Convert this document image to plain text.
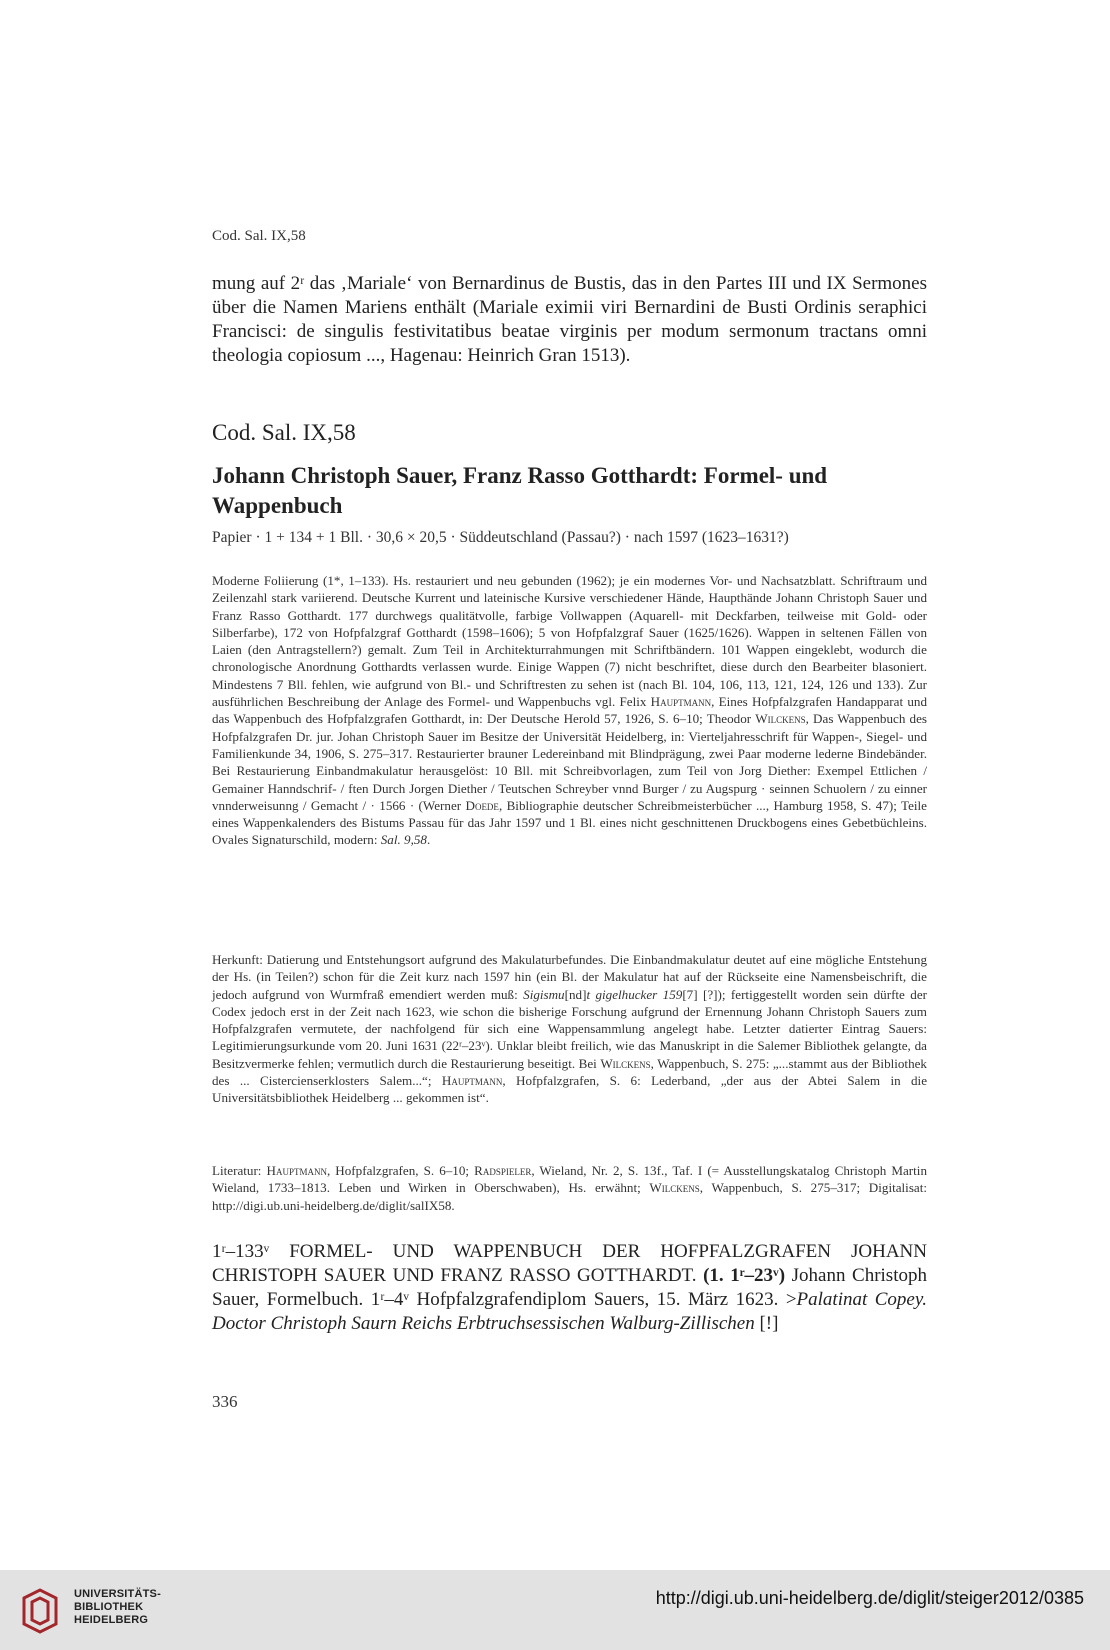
Cod. Sal. IX,58
mung auf 2ʳ das ‚Mariale‘ von Bernardinus de Bustis, das in den Partes III und IX Sermones über die Namen Mariens enthält (Mariale eximii viri Bernardini de Busti Ordinis seraphici Francisci: de singulis festivitatibus beatae virginis per modum sermonum tractans omni theologia copiosum ..., Hagenau: Heinrich Gran 1513).
Cod. Sal. IX,58
Johann Christoph Sauer, Franz Rasso Gotthardt: Formel- und Wappenbuch
Papier · 1 + 134 + 1 Bll. · 30,6 × 20,5 · Süddeutschland (Passau?) · nach 1597 (1623–1631?)
Moderne Foliierung (1*, 1–133). Hs. restauriert und neu gebunden (1962); je ein modernes Vor- und Nachsatzblatt. Schriftraum und Zeilenzahl stark variierend. Deutsche Kurrent und lateinische Kursive verschiedener Hände, Haupthände Johann Christoph Sauer und Franz Rasso Gotthardt. 177 durchwegs qualitätvolle, farbige Vollwappen (Aquarell- mit Deckfarben, teilweise mit Gold- oder Silberfarbe), 172 von Hofpfalzgraf Gotthardt (1598–1606); 5 von Hofpfalzgraf Sauer (1625/1626). Wappen in seltenen Fällen von Laien (den Antragstellern?) gemalt. Zum Teil in Architekturrahmungen mit Schriftbändern. 101 Wappen eingeklebt, wodurch die chronologische Anordnung Gotthardts verlassen wurde. Einige Wappen (7) nicht beschriftet, diese durch den Bearbeiter blasoniert. Mindestens 7 Bll. fehlen, wie aufgrund von Bl.- und Schriftresten zu sehen ist (nach Bl. 104, 106, 113, 121, 124, 126 und 133). Zur ausführlichen Beschreibung der Anlage des Formel- und Wappenbuchs vgl. Felix Hauptmann, Eines Hofpfalzgrafen Handapparat und das Wappenbuch des Hofpfalzgrafen Gotthardt, in: Der Deutsche Herold 57, 1926, S. 6–10; Theodor Wilckens, Das Wappenbuch des Hofpfalzgrafen Dr. jur. Johan Christoph Sauer im Besitze der Universität Heidelberg, in: Vierteljahresschrift für Wappen-, Siegel- und Familienkunde 34, 1906, S. 275–317. Restaurierter brauner Ledereinband mit Blindprägung, zwei Paar moderne lederne Bindebänder. Bei Restaurierung Einbandmakulatur herausgelöst: 10 Bll. mit Schreibvorlagen, zum Teil von Jorg Diether: Exempel Ettlichen / Gemainer Hanndschrif- / ften Durch Jorgen Diether / Teutschen Schreyber vnnd Burger / zu Augspurg · seinnen Schuolern / zu einner vnnderweisunng / Gemacht / · 1566 · (Werner Doede, Bibliographie deutscher Schreibmeisterbücher ..., Hamburg 1958, S. 47); Teile eines Wappenkalenders des Bistums Passau für das Jahr 1597 und 1 Bl. eines nicht geschnittenen Druckbogens eines Gebetbüchleins. Ovales Signaturschild, modern: Sal. 9,58.
Herkunft: Datierung und Entstehungsort aufgrund des Makulaturbefundes. Die Einbandmakulatur deutet auf eine mögliche Entstehung der Hs. (in Teilen?) schon für die Zeit kurz nach 1597 hin (ein Bl. der Makulatur hat auf der Rückseite eine Namensbeischrift, die jedoch aufgrund von Wurmfraß emendiert werden muß: Sigismu[nd]t gigelhucker 159[7] [?]); fertiggestellt worden sein dürfte der Codex jedoch erst in der Zeit nach 1623, wie schon die bisherige Forschung aufgrund der Ernennung Johann Christoph Sauers zum Hofpfalzgrafen vermutete, der nachfolgend für sich eine Wappensammlung angelegt habe. Letzter datierter Eintrag Sauers: Legitimierungsurkunde vom 20. Juni 1631 (22ʳ–23ᵛ). Unklar bleibt freilich, wie das Manuskript in die Salemer Bibliothek gelangte, da Besitzvermerke fehlen; vermutlich durch die Restaurierung beseitigt. Bei Wilckens, Wappenbuch, S. 275: „...stammt aus der Bibliothek des ... Cistercienserklosters Salem...“; Hauptmann, Hofpfalzgrafen, S. 6: Lederband, „der aus der Abtei Salem in die Universitätsbibliothek Heidelberg ... gekommen ist“.
Literatur: Hauptmann, Hofpfalzgrafen, S. 6–10; Radspieler, Wieland, Nr. 2, S. 13f., Taf. I (= Ausstellungskatalog Christoph Martin Wieland, 1733–1813. Leben und Wirken in Oberschwaben), Hs. erwähnt; Wilckens, Wappenbuch, S. 275–317; Digitalisat: http://digi.ub.uni-heidelberg.de/diglit/salIX58.
1ʳ–133ᵛ FORMEL- UND WAPPENBUCH DER HOFPFALZGRAFEN JOHANN CHRISTOPH SAUER UND FRANZ RASSO GOTTHARDT. (1. 1ʳ–23ᵛ) Johann Christoph Sauer, Formelbuch. 1ʳ–4ᵛ Hofpfalzgrafendiplom Sauers, 15. März 1623. >Palatinat Copey. Doctor Christoph Saurn Reichs Erbtruchsessischen Walburg-Zillischen [!]
336
UNIVERSITÄTS-
BIBLIOTHEK
HEIDELBERG
http://digi.ub.uni-heidelberg.de/diglit/steiger2012/0385
